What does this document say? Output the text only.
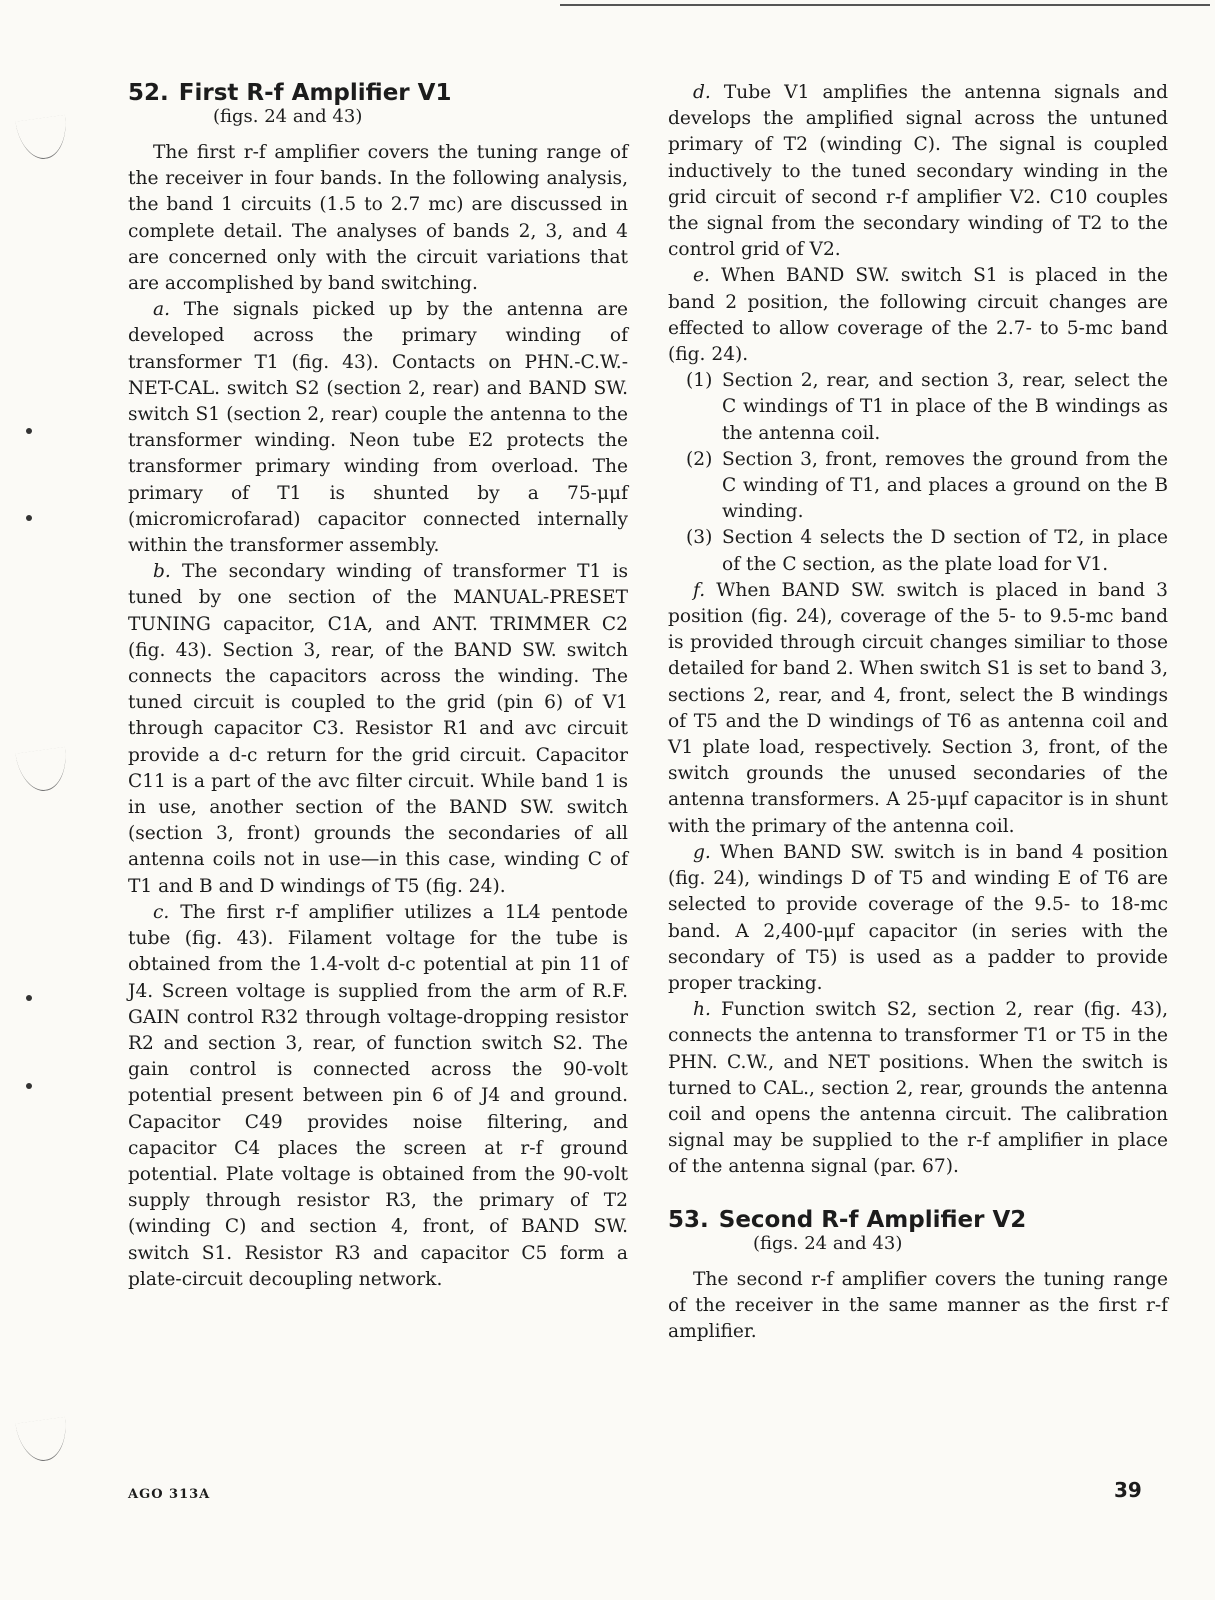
52. First R-f Amplifier V1
(figs. 24 and 43)

The first r-f amplifier covers the tuning range of the receiver in four bands. In the following analysis, the band 1 circuits (1.5 to 2.7 mc) are discussed in complete detail. The analyses of bands 2, 3, and 4 are concerned only with the circuit variations that are accomplished by band switching.

a. The signals picked up by the antenna are developed across the primary winding of transformer T1 (fig. 43). Contacts on PHN.-C.W.-NET-CAL. switch S2 (section 2, rear) and BAND SW. switch S1 (section 2, rear) couple the antenna to the transformer winding. Neon tube E2 protects the transformer primary winding from overload. The primary of T1 is shunted by a 75-μμf (micromicrofarad) capacitor connected internally within the transformer assembly.

b. The secondary winding of transformer T1 is tuned by one section of the MANUAL-PRESET TUNING capacitor, C1A, and ANT. TRIMMER C2 (fig. 43). Section 3, rear, of the BAND SW. switch connects the capacitors across the winding. The tuned circuit is coupled to the grid (pin 6) of V1 through capacitor C3. Resistor R1 and avc circuit provide a d-c return for the grid circuit. Capacitor C11 is a part of the avc filter circuit. While band 1 is in use, another section of the BAND SW. switch (section 3, front) grounds the secondaries of all antenna coils not in use—in this case, winding C of T1 and B and D windings of T5 (fig. 24).

c. The first r-f amplifier utilizes a 1L4 pentode tube (fig. 43). Filament voltage for the tube is obtained from the 1.4-volt d-c potential at pin 11 of J4. Screen voltage is supplied from the arm of R.F. GAIN control R32 through voltage-dropping resistor R2 and section 3, rear, of function switch S2. The gain control is connected across the 90-volt potential present between pin 6 of J4 and ground. Capacitor C49 provides noise filtering, and capacitor C4 places the screen at r-f ground potential. Plate voltage is obtained from the 90-volt supply through resistor R3, the primary of T2 (winding C) and section 4, front, of BAND SW. switch S1. Resistor R3 and capacitor C5 form a plate-circuit decoupling network.

d. Tube V1 amplifies the antenna signals and develops the amplified signal across the untuned primary of T2 (winding C). The signal is coupled inductively to the tuned secondary winding in the grid circuit of second r-f amplifier V2. C10 couples the signal from the secondary winding of T2 to the control grid of V2.

e. When BAND SW. switch S1 is placed in the band 2 position, the following circuit changes are effected to allow coverage of the 2.7- to 5-mc band (fig. 24).

(1) Section 2, rear, and section 3, rear, select the C windings of T1 in place of the B windings as the antenna coil.
(2) Section 3, front, removes the ground from the C winding of T1, and places a ground on the B winding.
(3) Section 4 selects the D section of T2, in place of the C section, as the plate load for V1.

f. When BAND SW. switch is placed in band 3 position (fig. 24), coverage of the 5- to 9.5-mc band is provided through circuit changes similiar to those detailed for band 2. When switch S1 is set to band 3, sections 2, rear, and 4, front, select the B windings of T5 and the D windings of T6 as antenna coil and V1 plate load, respectively. Section 3, front, of the switch grounds the unused secondaries of the antenna transformers. A 25-μμf capacitor is in shunt with the primary of the antenna coil.

g. When BAND SW. switch is in band 4 position (fig. 24), windings D of T5 and winding E of T6 are selected to provide coverage of the 9.5- to 18-mc band. A 2,400-μμf capacitor (in series with the secondary of T5) is used as a padder to provide proper tracking.

h. Function switch S2, section 2, rear (fig. 43), connects the antenna to transformer T1 or T5 in the PHN. C.W., and NET positions. When the switch is turned to CAL., section 2, rear, grounds the antenna coil and opens the antenna circuit. The calibration signal may be supplied to the r-f amplifier in place of the antenna signal (par. 67).

53. Second R-f Amplifier V2
(figs. 24 and 43)

The second r-f amplifier covers the tuning range of the receiver in the same manner as the first r-f amplifier.

AGO 313A	39
